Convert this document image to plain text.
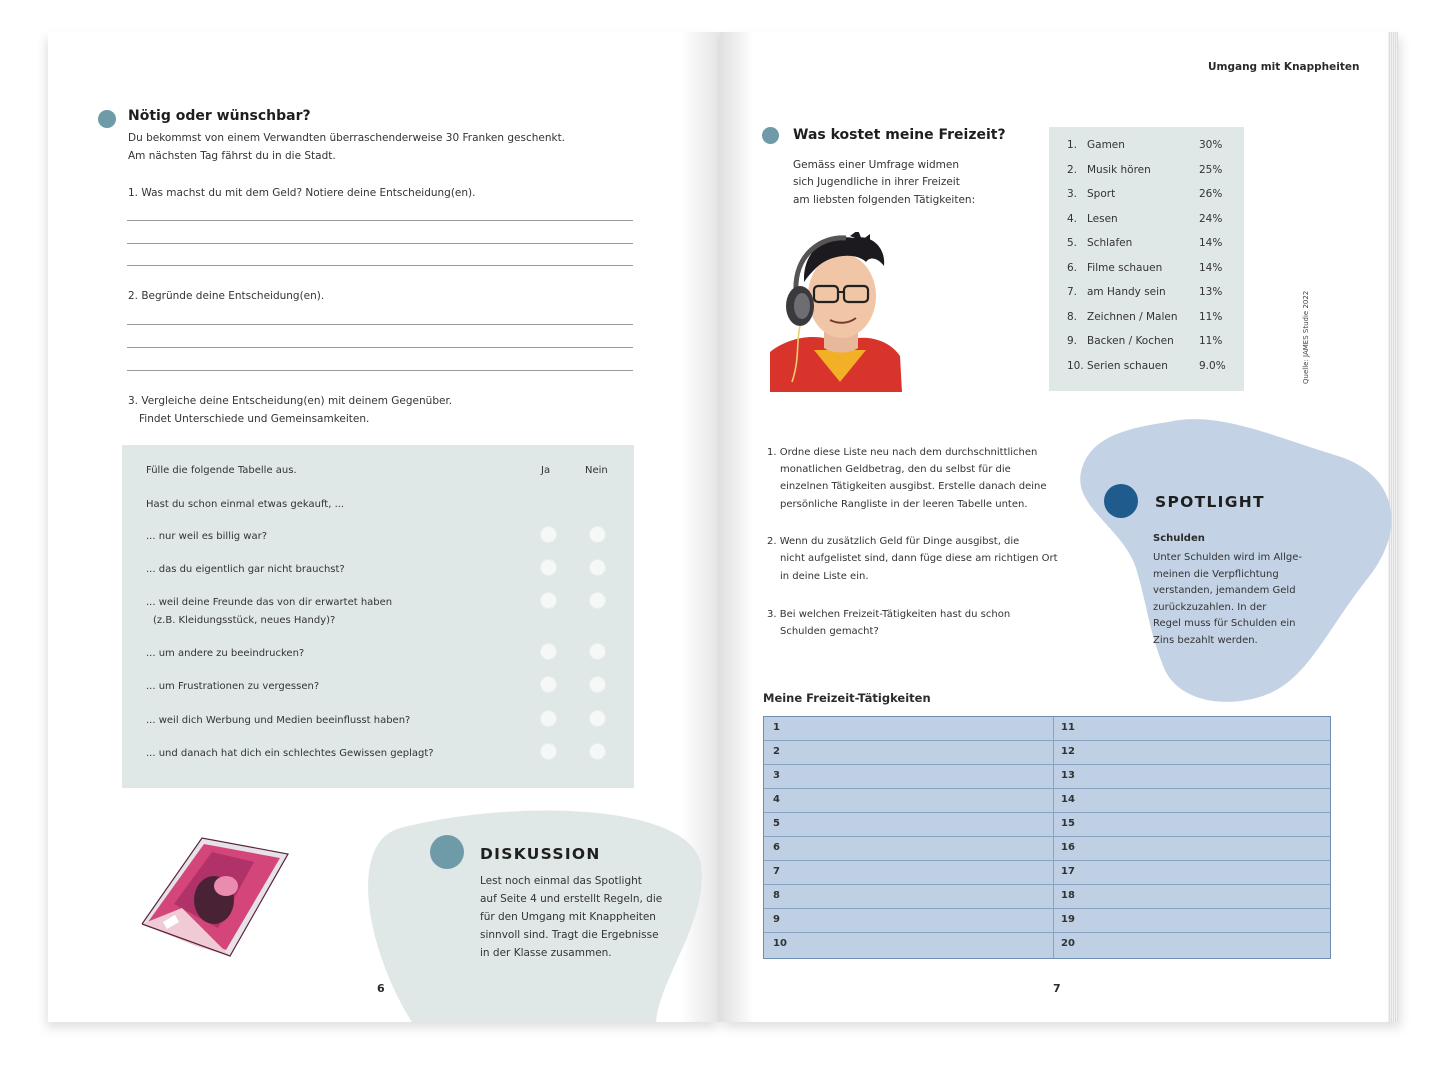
Nötig oder wünschbar?
Du bekommst von einem Verwandten überraschenderweise 30 Franken geschenkt.
Am nächsten Tag fährst du in die Stadt.
1. Was machst du mit dem Geld? Notiere deine Entscheidung(en).
2. Begründe deine Entscheidung(en).
3. Vergleiche deine Entscheidung(en) mit deinem Gegenüber.
Findet Unterschiede und Gemeinsamkeiten.
Fülle die folgende Tabelle aus.	Ja	Nein
Hast du schon einmal etwas gekauft, ...
... nur weil es billig war?
... das du eigentlich gar nicht brauchst?
... weil deine Freunde das von dir erwartet haben
(z.B. Kleidungsstück, neues Handy)?
... um andere zu beeindrucken?
... um Frustrationen zu vergessen?
... weil dich Werbung und Medien beeinflusst haben?
... und danach hat dich ein schlechtes Gewissen geplagt?
DISKUSSION
Lest noch einmal das Spotlight
auf Seite 4 und erstellt Regeln, die
für den Umgang mit Knappheiten
sinnvoll sind. Tragt die Ergebnisse
in der Klasse zusammen.
6
Umgang mit Knappheiten
Was kostet meine Freizeit?
Gemäss einer Umfrage widmen
sich Jugendliche in ihrer Freizeit
am liebsten folgenden Tätigkeiten:
1. Gamen	30%
2. Musik hören	25%
3. Sport	26%
4. Lesen	24%
5. Schlafen	14%
6. Filme schauen	14%
7. am Handy sein	13%
8. Zeichnen / Malen 11%
9. Backen / Kochen 11%
10. Serien schauen	9.0%	Quelle: JAMES Studie 2022
1. Ordne diese Liste neu nach dem durchschnittlichen
monatlichen Geldbetrag, den du selbst für die
einzelnen Tätigkeiten ausgibst. Erstelle danach deine
persönliche Rangliste in der leeren Tabelle unten.
2. Wenn du zusätzlich Geld für Dinge ausgibst, die
nicht aufgelistet sind, dann füge diese am richtigen Ort
in deine Liste ein.
3. Bei welchen Freizeit-Tätigkeiten hast du schon
Schulden gemacht?
SPOTLIGHT
Schulden
Unter Schulden wird im Allge-
meinen die Verpflichtung
verstanden, jemandem Geld
zurückzuzahlen. In der
Regel muss für Schulden ein
Zins bezahlt werden.
Meine Freizeit-Tätigkeiten
1	11
2	12
3	13
4	14
5	15
6	16
7	17
8	18
9	19
10	20
7
